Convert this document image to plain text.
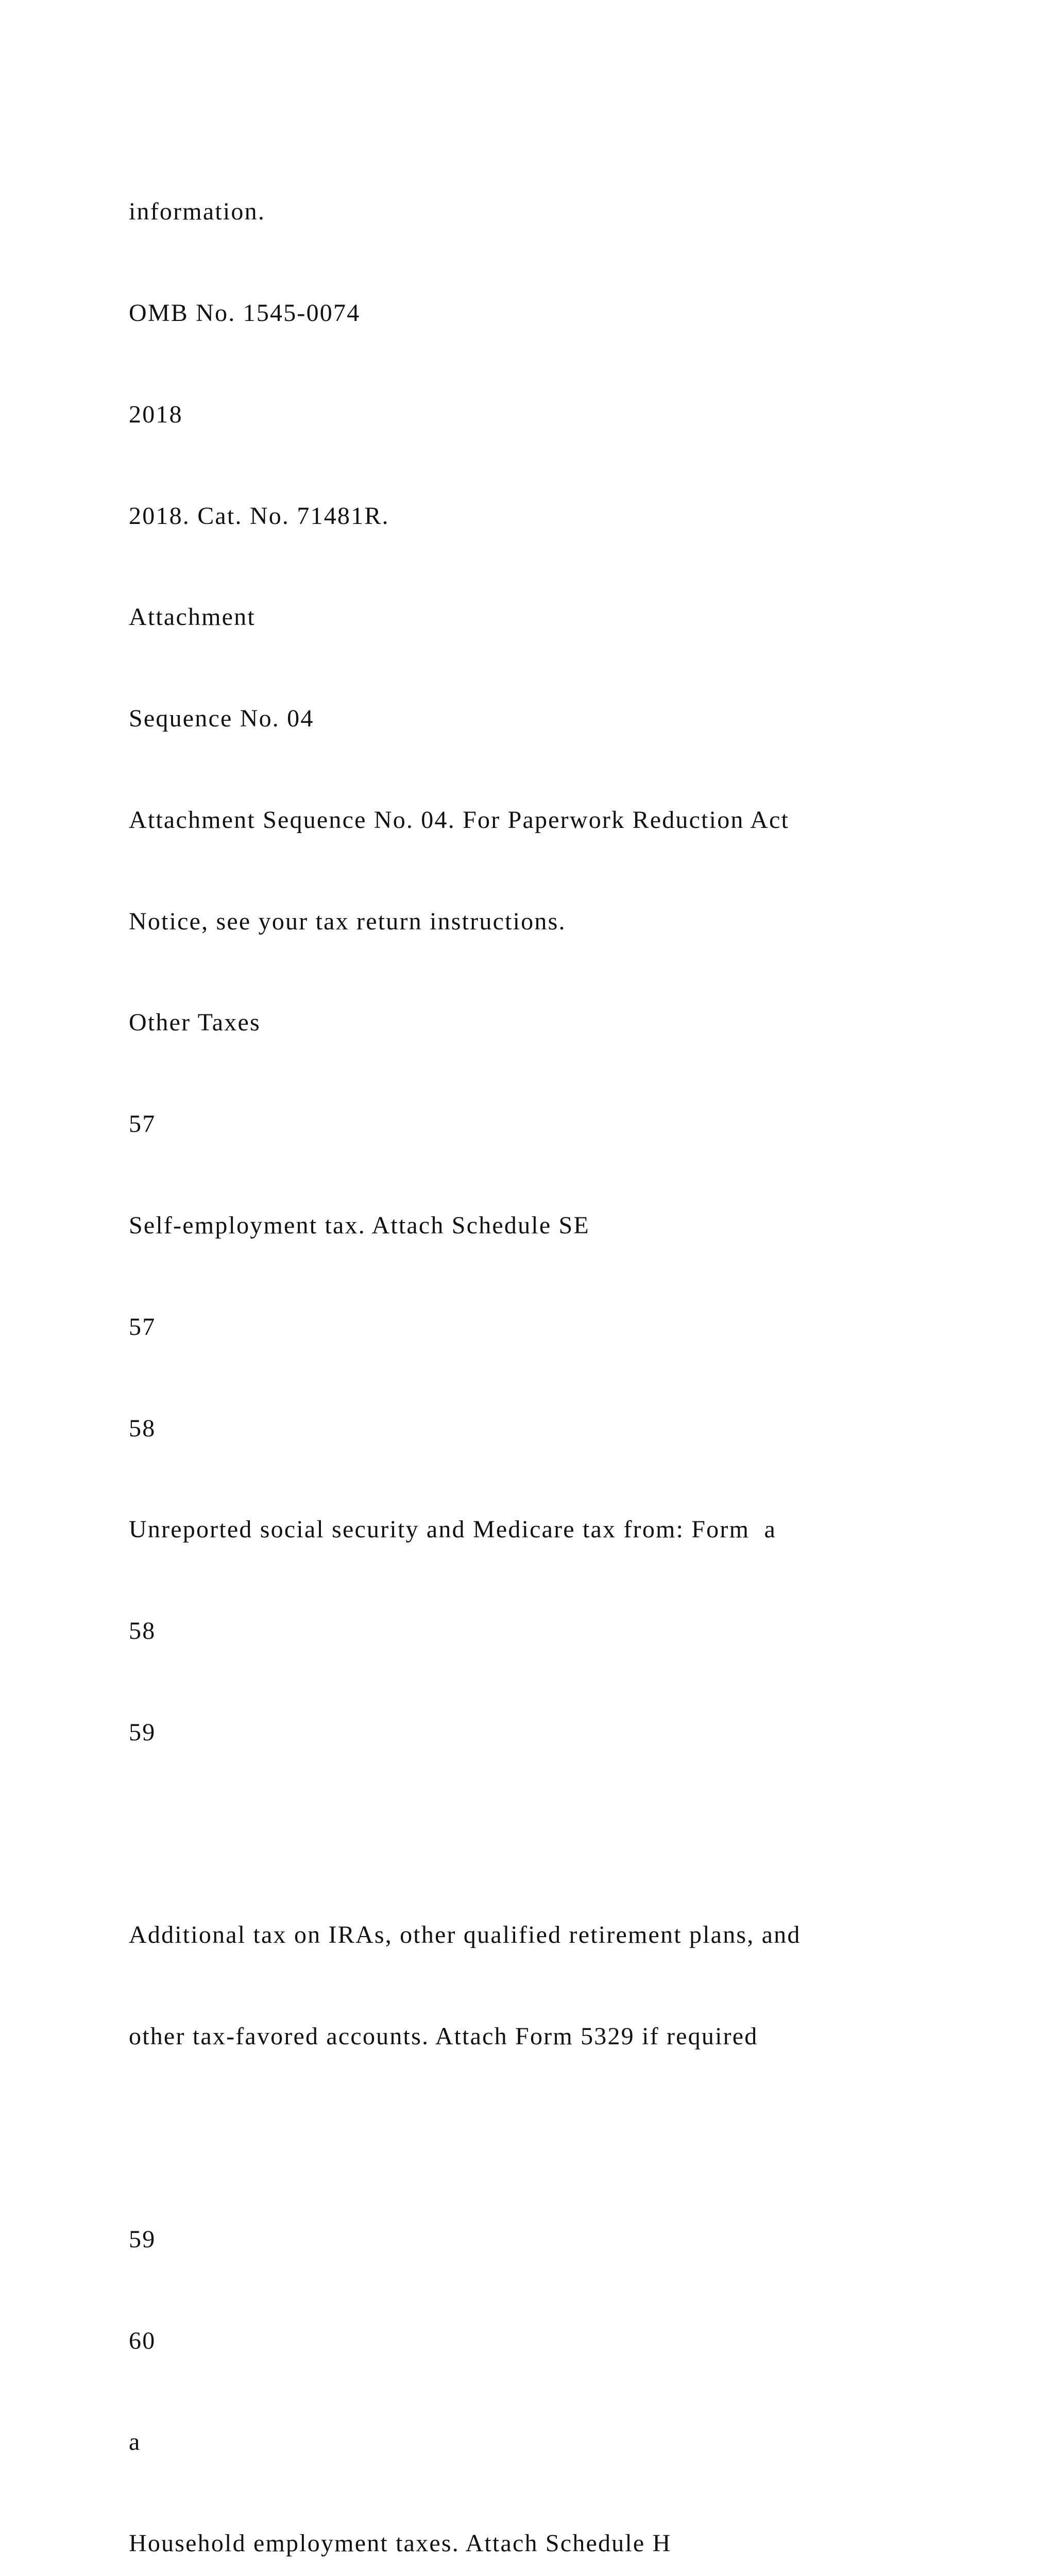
information.

OMB No. 1545-0074

2018

2018. Cat. No. 71481R.

Attachment

Sequence No. 04

Attachment Sequence No. 04. For Paperwork Reduction Act

Notice, see your tax return instructions.

Other Taxes

57

Self-employment tax. Attach Schedule SE

57

58

Unreported social security and Medicare tax from: Form  a

58

59

Additional tax on IRAs, other qualified retirement plans, and

other tax-favored accounts. Attach Form 5329 if required

59

60

a

Household employment taxes. Attach Schedule H
